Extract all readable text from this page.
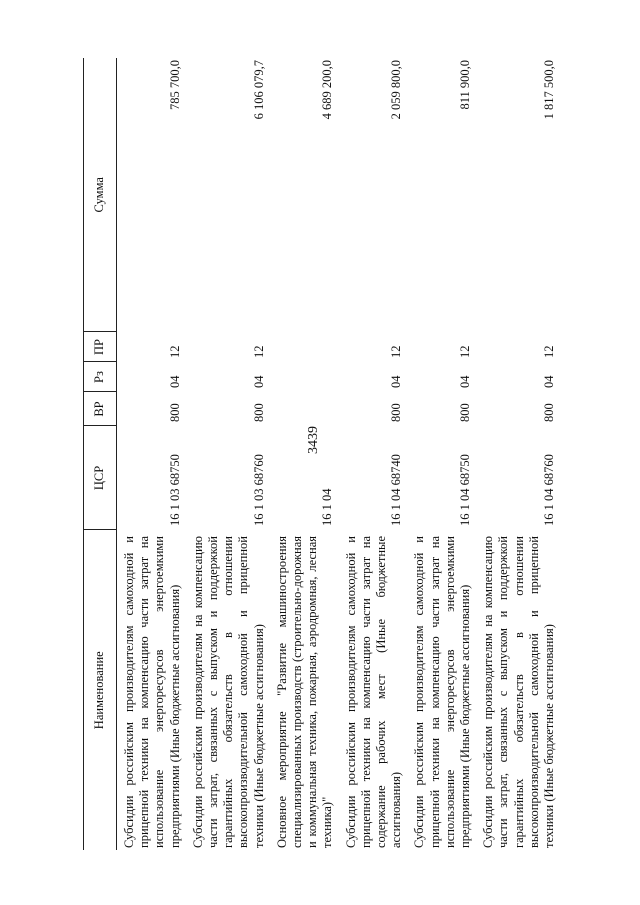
3439
Наименование	ЦСР	ВР	Рз	ПР	Сумма
Субсидии российским производителям самоходной и прицепной техники на компенсацию части затрат на использование энергоресурсов энергоемкими предприятиями (Иные бюджетные ассигнования)	16 1 03 68750	800	04	12	785 700,0
Субсидии российским производителям на компенсацию части затрат, связанных с выпуском и поддержкой гарантийных обязательств в отношении высокопроизводительной самоходной и прицепной техники (Иные бюджетные ассигнования)	16 1 03 68760	800	04	12	6 106 079,7
Основное мероприятие "Развитие машиностроения специализированных производств (строительно-дорожная и коммунальная техника, пожарная, аэродромная, лесная техника)"	16 1 04				4 689 200,0
Субсидии российским производителям самоходной и прицепной техники на компенсацию части затрат на содержание рабочих мест (Иные бюджетные ассигнования)	16 1 04 68740	800	04	12	2 059 800,0
Субсидии российским производителям самоходной и прицепной техники на компенсацию части затрат на использование энергоресурсов энергоемкими предприятиями (Иные бюджетные ассигнования)	16 1 04 68750	800	04	12	811 900,0
Субсидии российским производителям на компенсацию части затрат, связанных с выпуском и поддержкой гарантийных обязательств в отношении высокопроизводительной самоходной и прицепной техники (Иные бюджетные ассигнования)	16 1 04 68760	800	04	12	1 817 500,0
